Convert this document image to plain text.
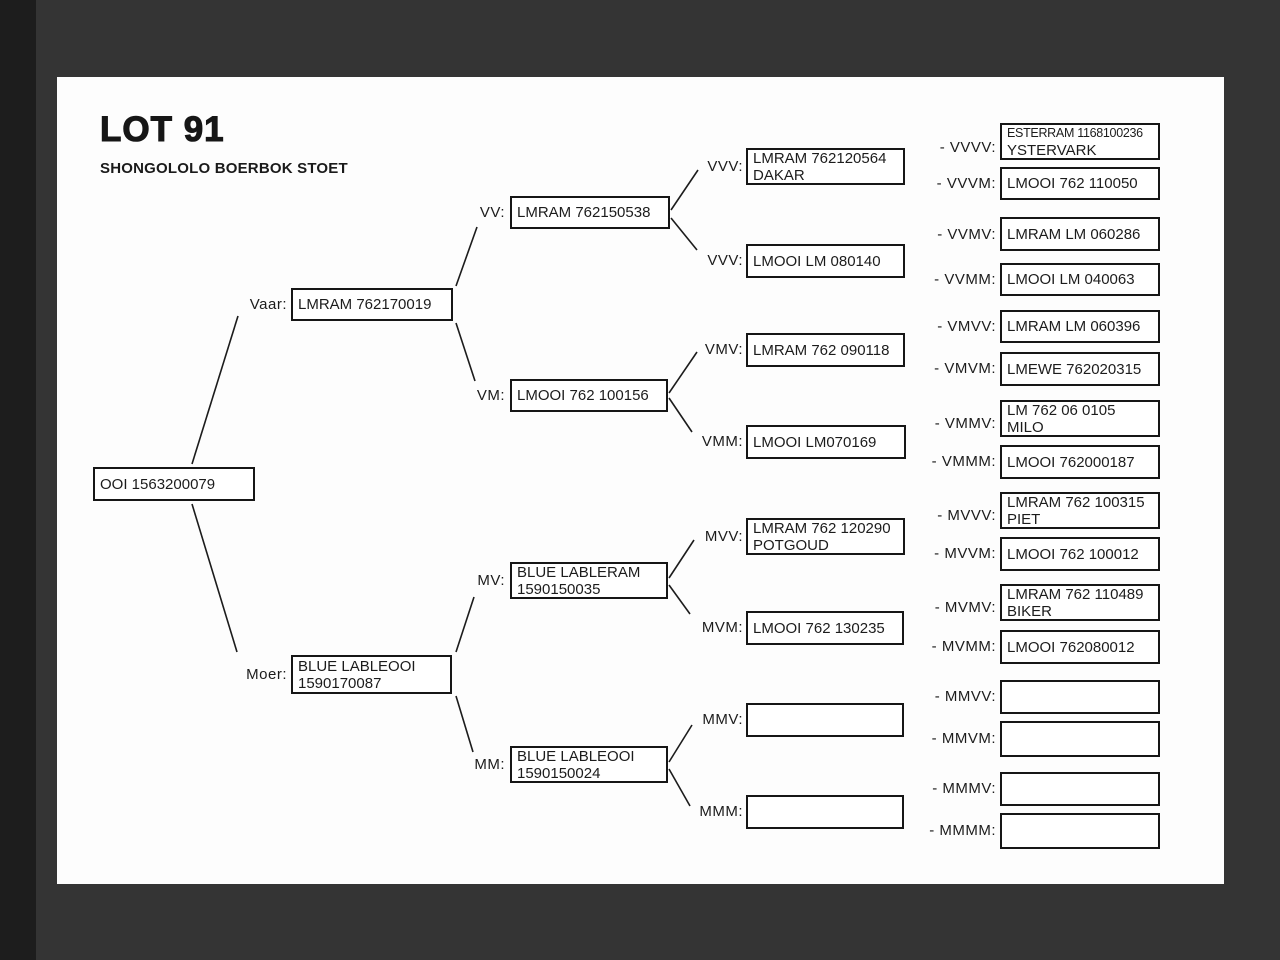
LOT 91
SHONGOLOLO BOERBOK STOET
Vaar:
Moer:
VV:
VM:
MV:
MM:
VVV:
VVV:
VMV:
VMM:
MVV:
MVM:
MMV:
MMM:
- VVVV:
- VVVM:
- VVMV:
- VVMM:
- VMVV:
- VMVM:
- VMMV:
- VMMM:
- MVVV:
- MVVM:
- MVMV:
- MVMM:
- MMVV:
- MMVM:
- MMMV:
- MMMM:
OOI 1563200079
LMRAM 762170019
BLUE LABLEOOI
1590170087
LMRAM 762150538
LMOOI 762 100156
BLUE LABLERAM
1590150035
BLUE LABLEOOI
1590150024
LMRAM 762120564
DAKAR
LMOOI LM 080140
LMRAM 762 090118
LMOOI LM070169
LMRAM 762 120290
POTGOUD
LMOOI 762 130235
ESTERRAM 1168100236
YSTERVARK
LMOOI 762 110050
LMRAM LM 060286
LMOOI LM 040063
LMRAM LM 060396
LMEWE 762020315
LM 762 06 0105
MILO
LMOOI 762000187
LMRAM 762 100315
PIET
LMOOI 762 100012
LMRAM 762 110489
BIKER
LMOOI 762080012
